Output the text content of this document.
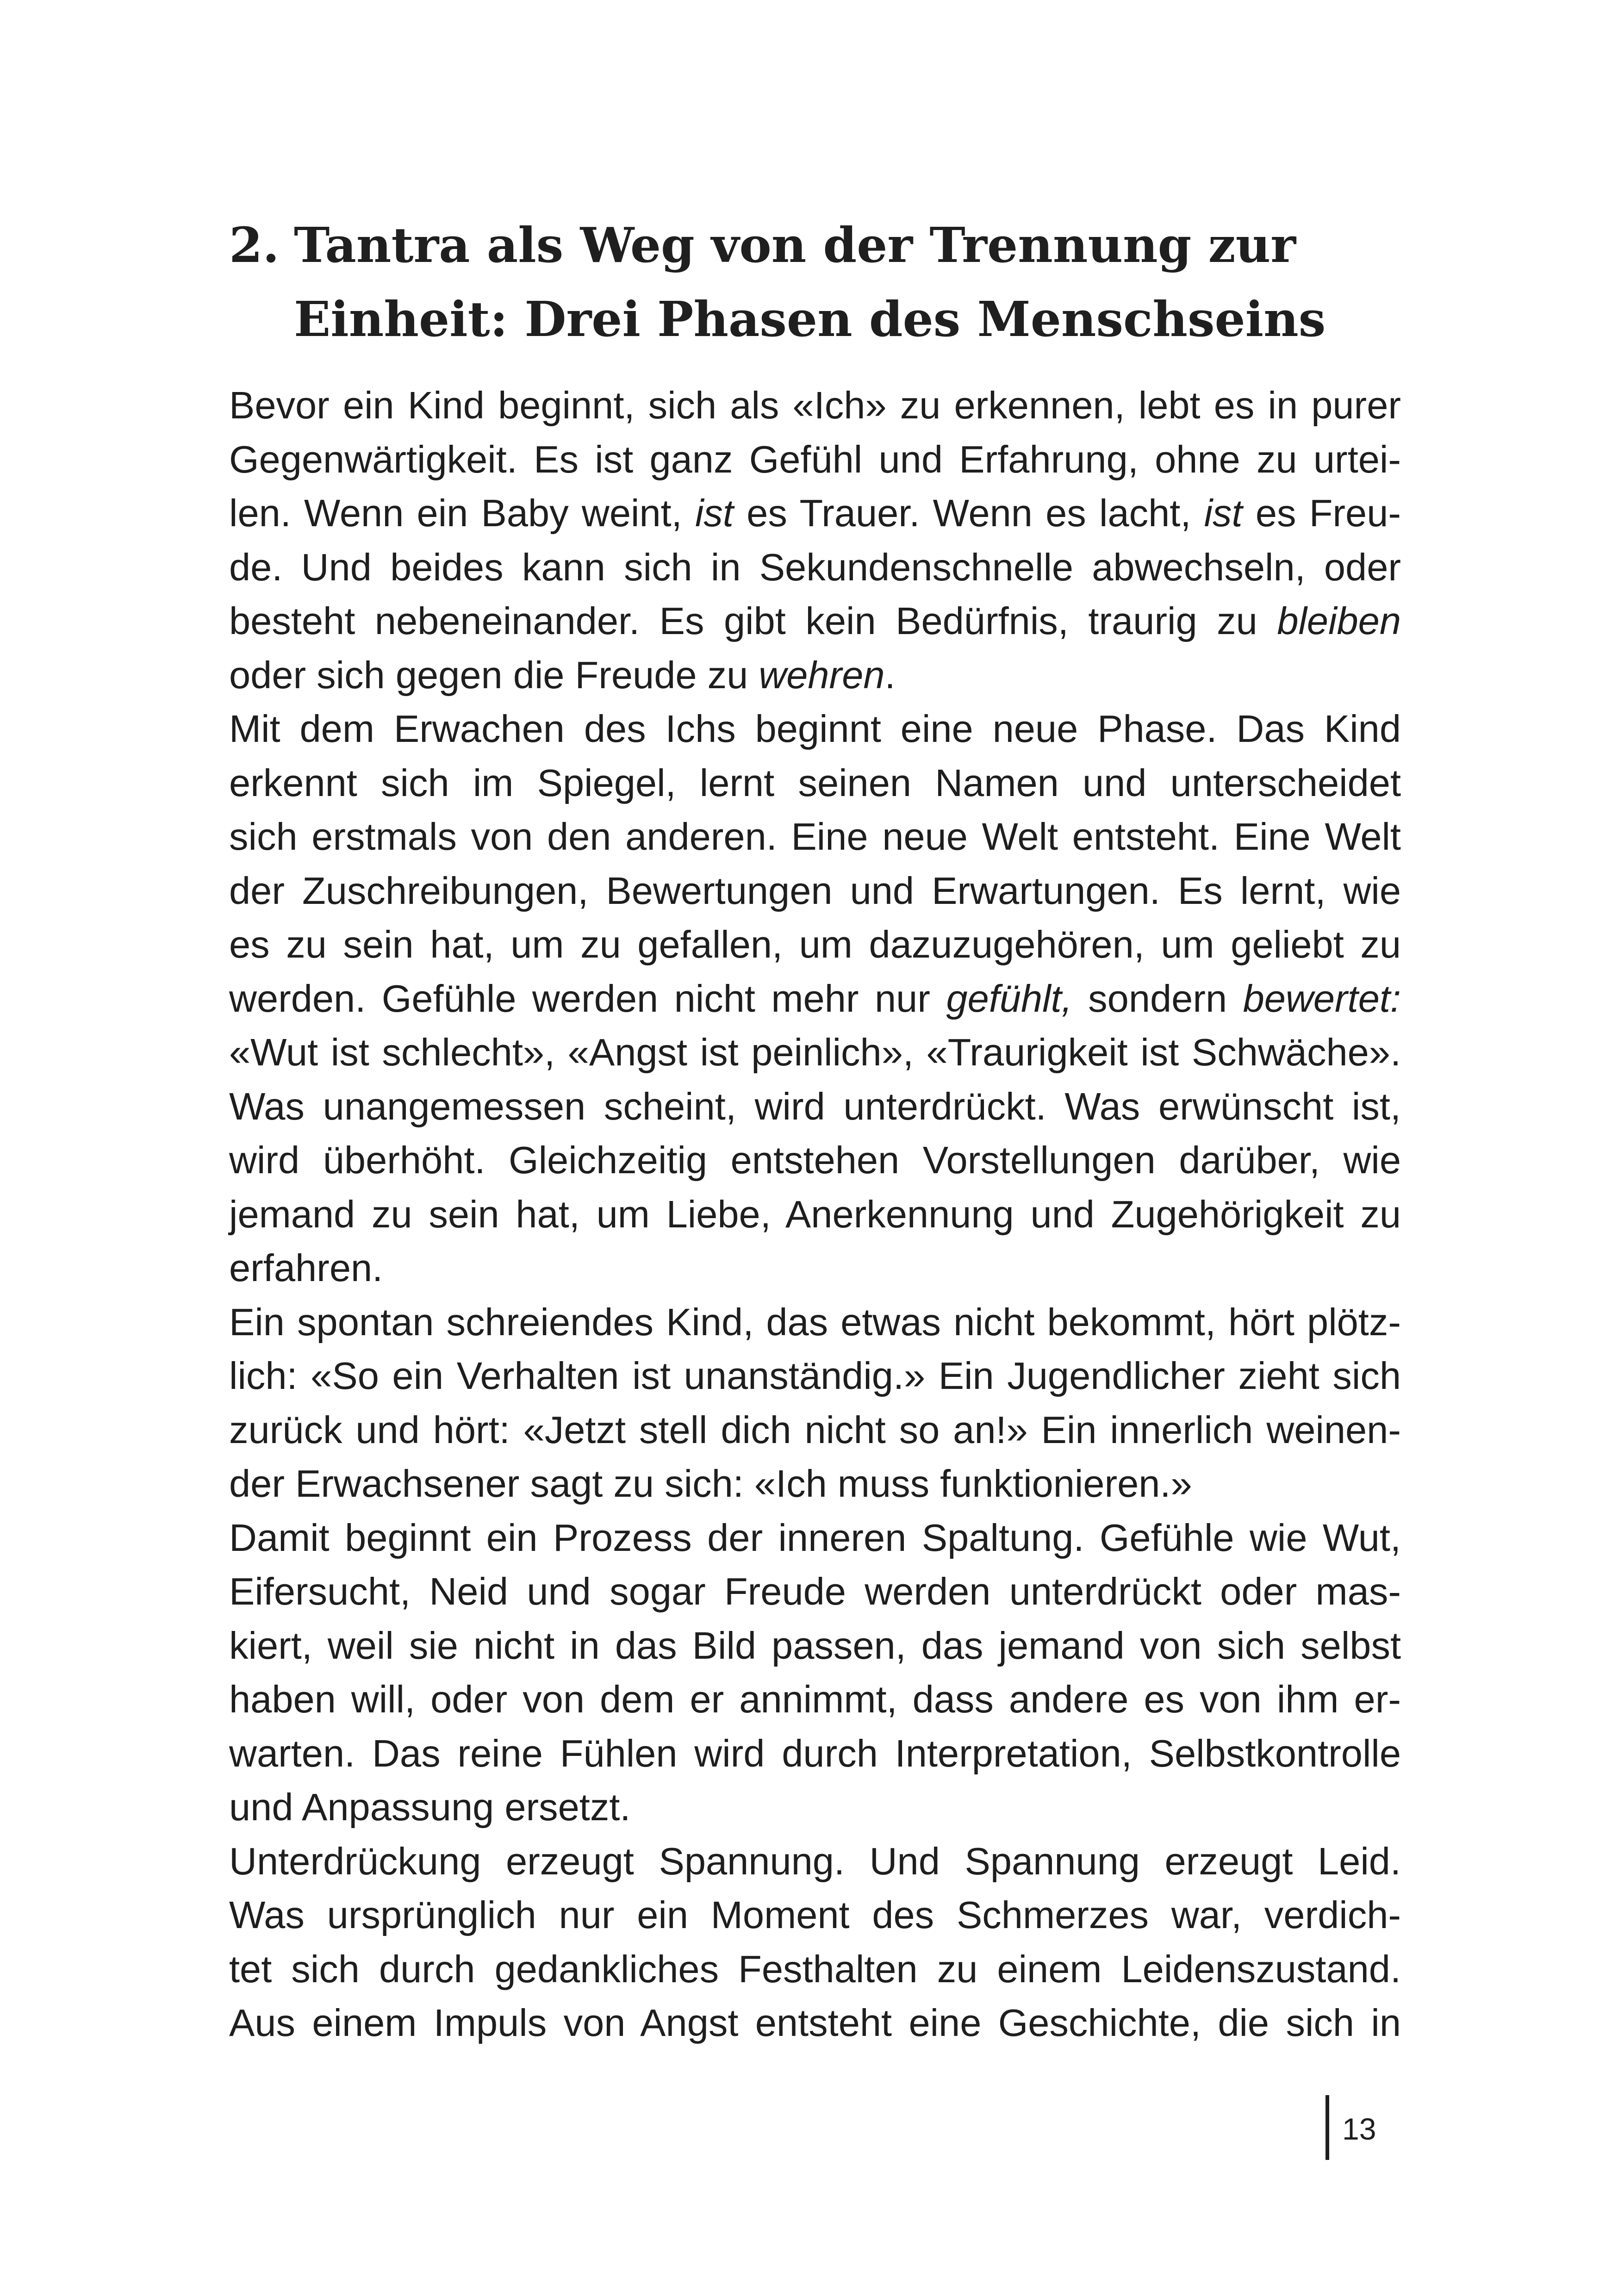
2. Tantra als Weg von der Trennung zur
Einheit: Drei Phasen des Menschseins
Bevor ein Kind beginnt, sich als «Ich» zu erkennen, lebt es in purer
Gegenwärtigkeit. Es ist ganz Gefühl und Erfahrung, ohne zu urtei-
len. Wenn ein Baby weint, ist es Trauer. Wenn es lacht, ist es Freu-
de. Und beides kann sich in Sekundenschnelle abwechseln, oder
besteht nebeneinander. Es gibt kein Bedürfnis, traurig zu bleiben
oder sich gegen die Freude zu wehren.
Mit dem Erwachen des Ichs beginnt eine neue Phase. Das Kind
erkennt sich im Spiegel, lernt seinen Namen und unterscheidet
sich erstmals von den anderen. Eine neue Welt entsteht. Eine Welt
der Zuschreibungen, Bewertungen und Erwartungen. Es lernt, wie
es zu sein hat, um zu gefallen, um dazuzugehören, um geliebt zu
werden. Gefühle werden nicht mehr nur gefühlt, sondern bewertet:
«Wut ist schlecht», «Angst ist peinlich», «Traurigkeit ist Schwäche».
Was unangemessen scheint, wird unterdrückt. Was erwünscht ist,
wird überhöht. Gleichzeitig entstehen Vorstellungen darüber, wie
jemand zu sein hat, um Liebe, Anerkennung und Zugehörigkeit zu
erfahren.
Ein spontan schreiendes Kind, das etwas nicht bekommt, hört plötz-
lich: «So ein Verhalten ist unanständig.» Ein Jugendlicher zieht sich
zurück und hört: «Jetzt stell dich nicht so an!» Ein innerlich weinen-
der Erwachsener sagt zu sich: «Ich muss funktionieren.»
Damit beginnt ein Prozess der inneren Spaltung. Gefühle wie Wut,
Eifersucht, Neid und sogar Freude werden unterdrückt oder mas-
kiert, weil sie nicht in das Bild passen, das jemand von sich selbst
haben will, oder von dem er annimmt, dass andere es von ihm er-
warten. Das reine Fühlen wird durch Interpretation, Selbstkontrolle
und Anpassung ersetzt.
Unterdrückung erzeugt Spannung. Und Spannung erzeugt Leid.
Was ursprünglich nur ein Moment des Schmerzes war, verdich-
tet sich durch gedankliches Festhalten zu einem Leidenszustand.
Aus einem Impuls von Angst entsteht eine Geschichte, die sich in
13
